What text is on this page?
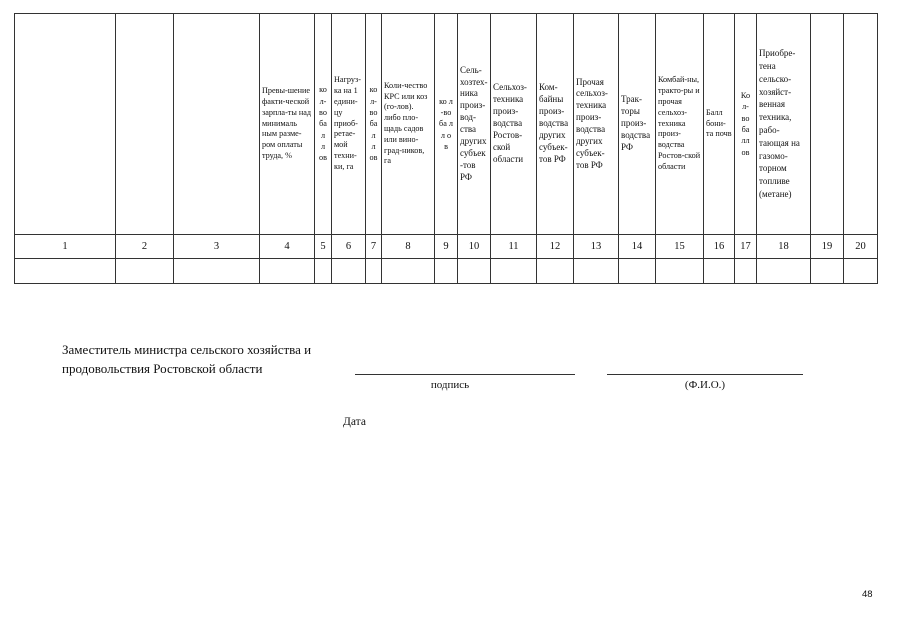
			Превы-шение факти-ческой зарпла-ты над минималь ным разме-ром оплаты труда, %	кол-во баллов	Нагруз-ка на 1 едини-цу приоб-ретае-мой техни-ки, га	кол-во баллов	Коли-чество КРС или коз (го-лов). либо пло-щадь садов или вино-град-ников, га	ко л-во ба лл ов	Сель-хозтех-ника произ-вод-ства других субъек-тов РФ	Сельхоз-техника произ-водства Ростов-ской области	Ком-байны произ-водства других субъек-тов РФ	Прочая сельхоз-техника произ-водства других субъек-тов РФ	Трак-торы произ-водства РФ	Комбай-ны, тракто-ры и прочая сельхоз-техника произ-водства Ростов-ской области	Балл бони-та почв	Кол-во баллов	Приобре-тена сельско-хозяйст-венная техника, рабо-тающая на газомо-торном топливе (метане)		

1	2	3	4	5	6	7	8	9	10	11	12	13	14	15	16	17	18	19	20

Заместитель министра сельского хозяйства и продовольствия Ростовской области
подпись	(Ф.И.О.)
Дата
48
